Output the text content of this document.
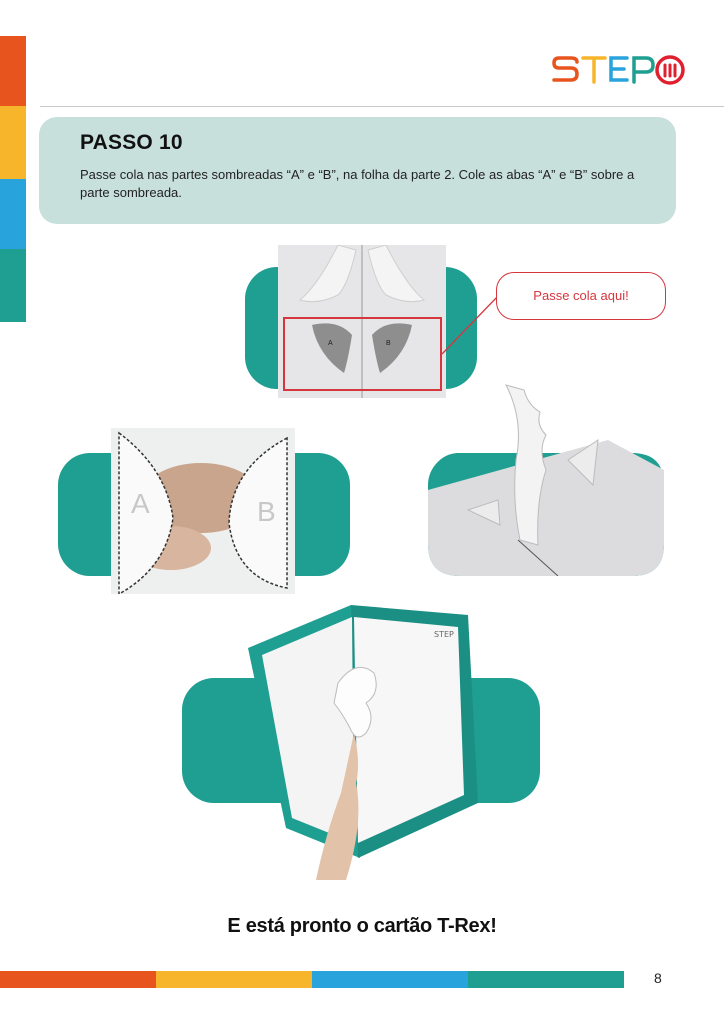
PASSO 10
Passe cola nas partes sombreadas “A” e “B”, na folha da parte 2. Cole as abas “A” e “B” sobre a parte sombreada.
A	B
Passe cola aqui!
A	B
STEP
E está pronto o cartão T-Rex!
8
